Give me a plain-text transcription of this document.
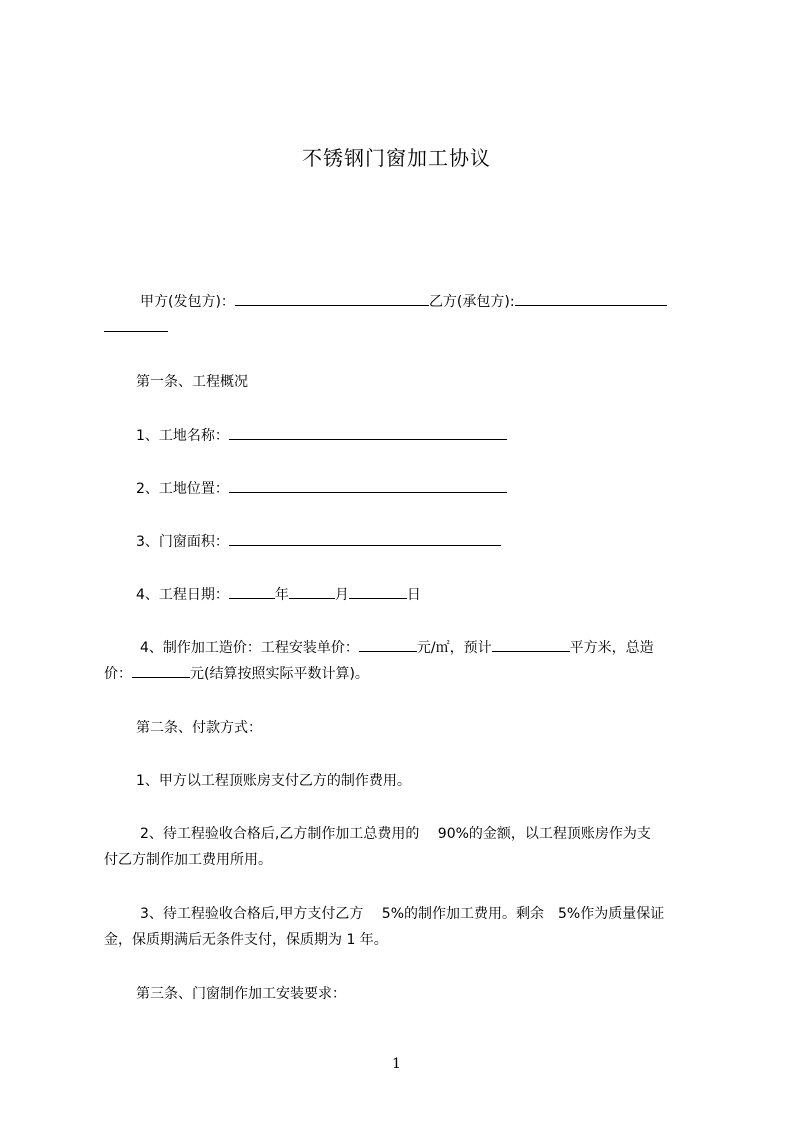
不锈钢门窗加工协议
甲方(发包方)：	乙方(承包方):
第一条、工程概况
1、工地名称：
2、工地位置：
3、门窗面积：
4、工程日期：	年	月	日
4、制作加工造价：工程安装单价：	元/㎡，预计	平方米，总造
价：	元(结算按照实际平数计算)。
第二条、付款方式：
1、甲方以工程顶账房支付乙方的制作费用。
2、待工程验收合格后,乙方制作加工总费用的　 90%的金额，以工程顶账房作为支
付乙方制作加工费用所用。
3、待工程验收合格后,甲方支付乙方　 5%的制作加工费用。剩余　5%作为质量保证
金，保质期满后无条件支付，保质期为 1 年。
第三条、门窗制作加工安装要求：
1
